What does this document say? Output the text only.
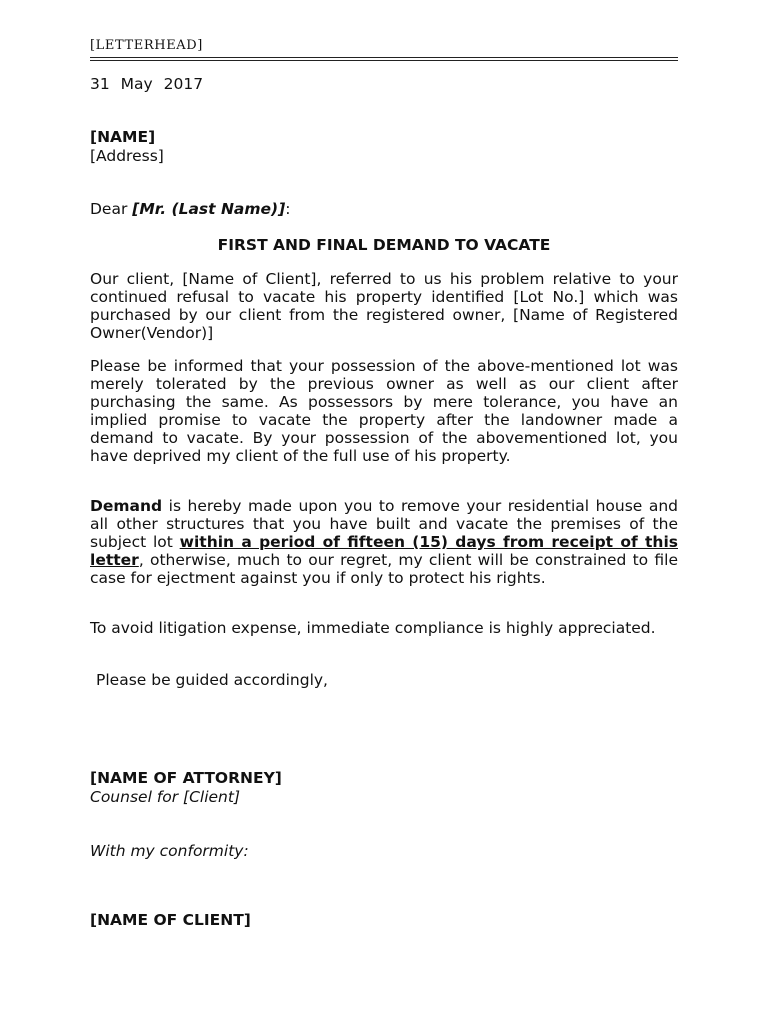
[LETTERHEAD]
31 May 2017
[NAME]
[Address]
Dear [Mr. (Last Name)]:
FIRST AND FINAL DEMAND TO VACATE
Our client, [Name of Client], referred to us his problem relative to your continued refusal to vacate his property identified [Lot No.] which was purchased by our client from the registered owner, [Name of Registered Owner(Vendor)]
Please be informed that your possession of the above-mentioned lot was merely tolerated by the previous owner as well as our client after purchasing the same. As possessors by mere tolerance, you have an implied promise to vacate the property after the landowner made a demand to vacate. By your possession of the abovementioned lot, you have deprived my client of the full use of his property.
Demand is hereby made upon you to remove your residential house and all other structures that you have built and vacate the premises of the subject lot within a period of fifteen (15) days from receipt of this letter, otherwise, much to our regret, my client will be constrained to file case for ejectment against you if only to protect his rights.
To avoid litigation expense, immediate compliance is highly appreciated.
Please be guided accordingly,
[NAME OF ATTORNEY]
Counsel for [Client]
With my conformity:
[NAME OF CLIENT]
